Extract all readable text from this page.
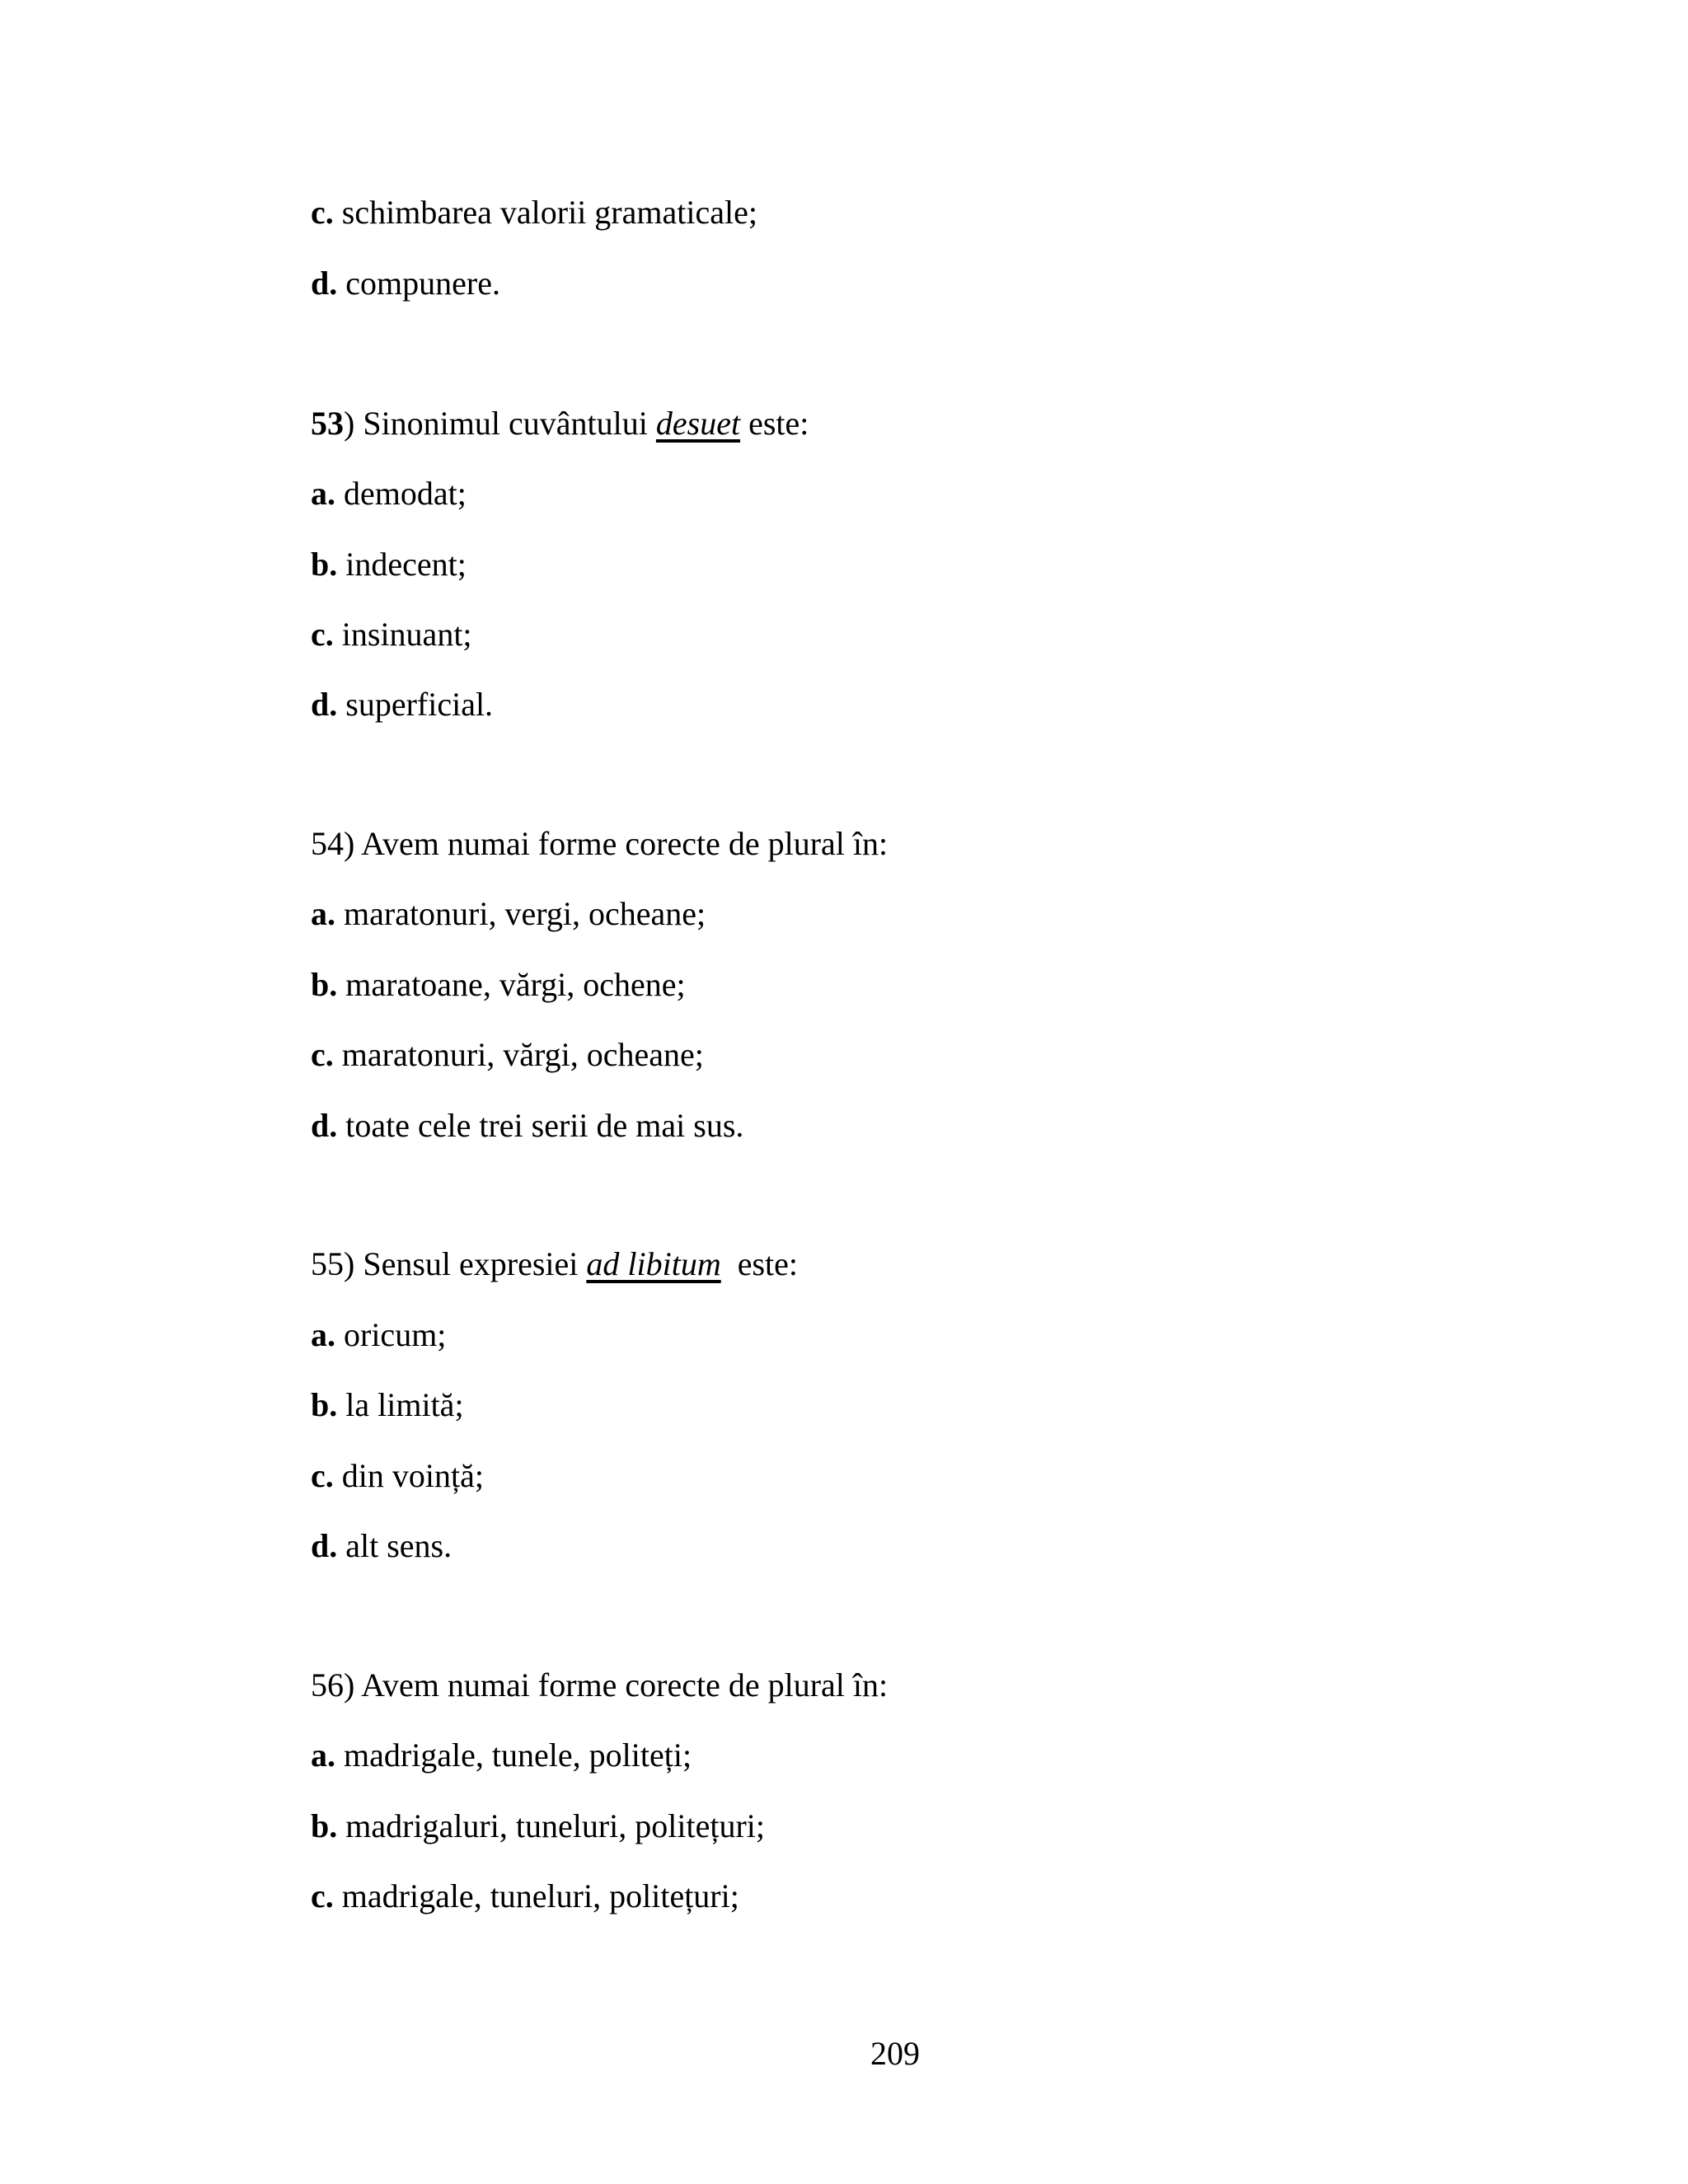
c. schimbarea valorii gramaticale;
d. compunere.
53) Sinonimul cuvântului desuet este:
a. demodat;
b. indecent;
c. insinuant;
d. superficial.
54) Avem numai forme corecte de plural în:
a. maratonuri, vergi, ocheane;
b. maratoane, vărgi, ochene;
c. maratonuri, vărgi, ocheane;
d. toate cele trei serii de mai sus.
55) Sensul expresiei ad libitum  este:
a. oricum;
b. la limită;
c. din voință;
d. alt sens.
56) Avem numai forme corecte de plural în:
a. madrigale, tunele, politeți;
b. madrigaluri, tuneluri, politețuri;
c. madrigale, tuneluri, politețuri;
209
